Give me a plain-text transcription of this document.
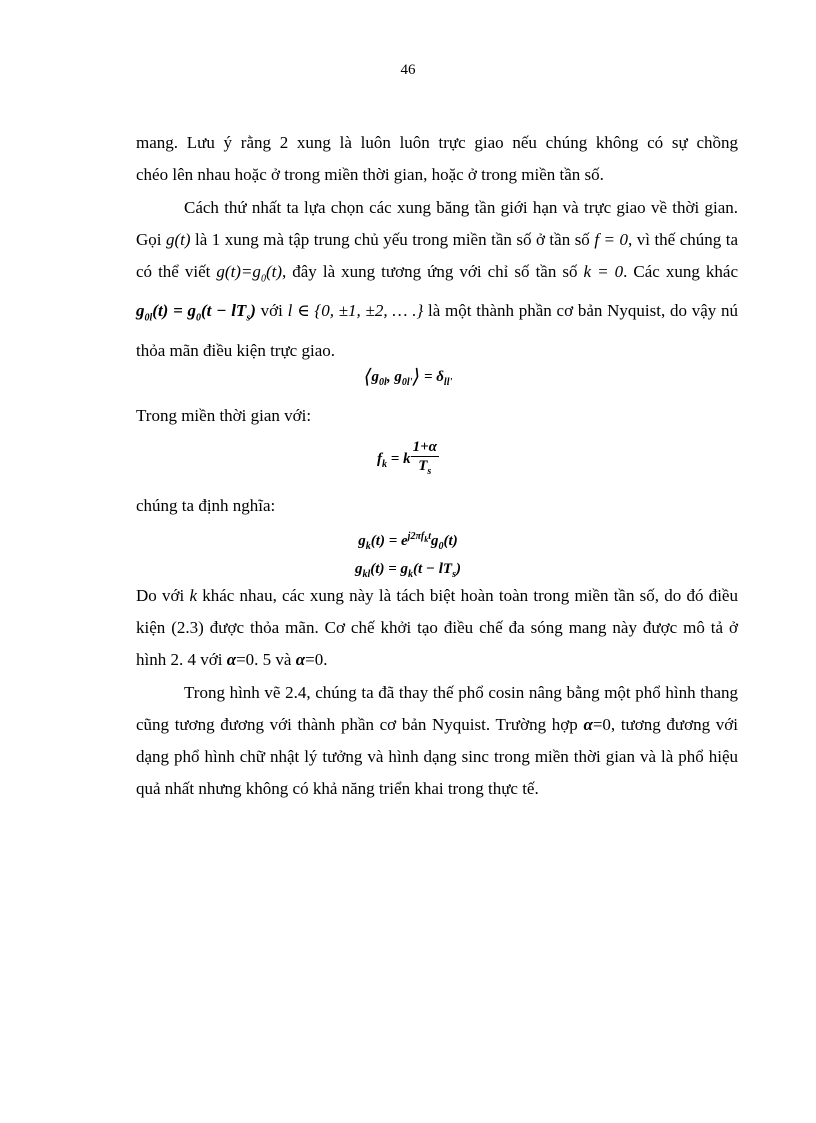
46
mang. Lưu ý rằng 2 xung là luôn luôn trực giao nếu chúng không có sự chồng
chéo lên nhau hoặc ở trong miền thời gian, hoặc ở trong miền tần số.
Cách thứ nhất ta lựa chọn các xung băng tần giới hạn và trực giao về thời gian. Gọi g(t) là 1 xung mà tập trung chủ yếu trong miền tần số ở tần số f = 0, vì thế chúng ta có thể viết $g(t)=g_0(t)$, đây là xung tương ứng với chỉ số tần số k = 0. Các xung khác $g_{0l}(t) = g_0(t - lT_s)$ với l ∈ {0, ±1, ±2, … .} là một thành phần cơ bản Nyquist, do vậy nú thỏa mãn điều kiện trực giao.
$⟨g_{0l}$, $g_{0l'}⟩ = \delta_{ll'}$
Trong miền thời gian với:
$f_k = k \frac{1+\alpha}{T_s}$
chúng ta định nghĩa:
$g_k(t) = e^{j2\pi f_kt}g_0(t)$
$g_{kl}(t) = g_k(t - lT_s)$
Do với k khác nhau, các xung này là tách biệt hoàn toàn trong miền tần số, do đó điều kiện (2.3) được thỏa mãn. Cơ chế khởi tạo điều chế đa sóng mang này được mô tả ở hình 2. 4 với α=0. 5 và α=0.
Trong hình vẽ 2.4, chúng ta đã thay thế phổ cosin nâng bằng một phổ hình thang cũng tương đương với thành phần cơ bản Nyquist. Trường hợp α=0, tương đương với dạng phổ hình chữ nhật lý tưởng và hình dạng sinc trong miền thời gian và là phổ hiệu quả nhất nhưng không có khả năng triển khai trong thực tế.
